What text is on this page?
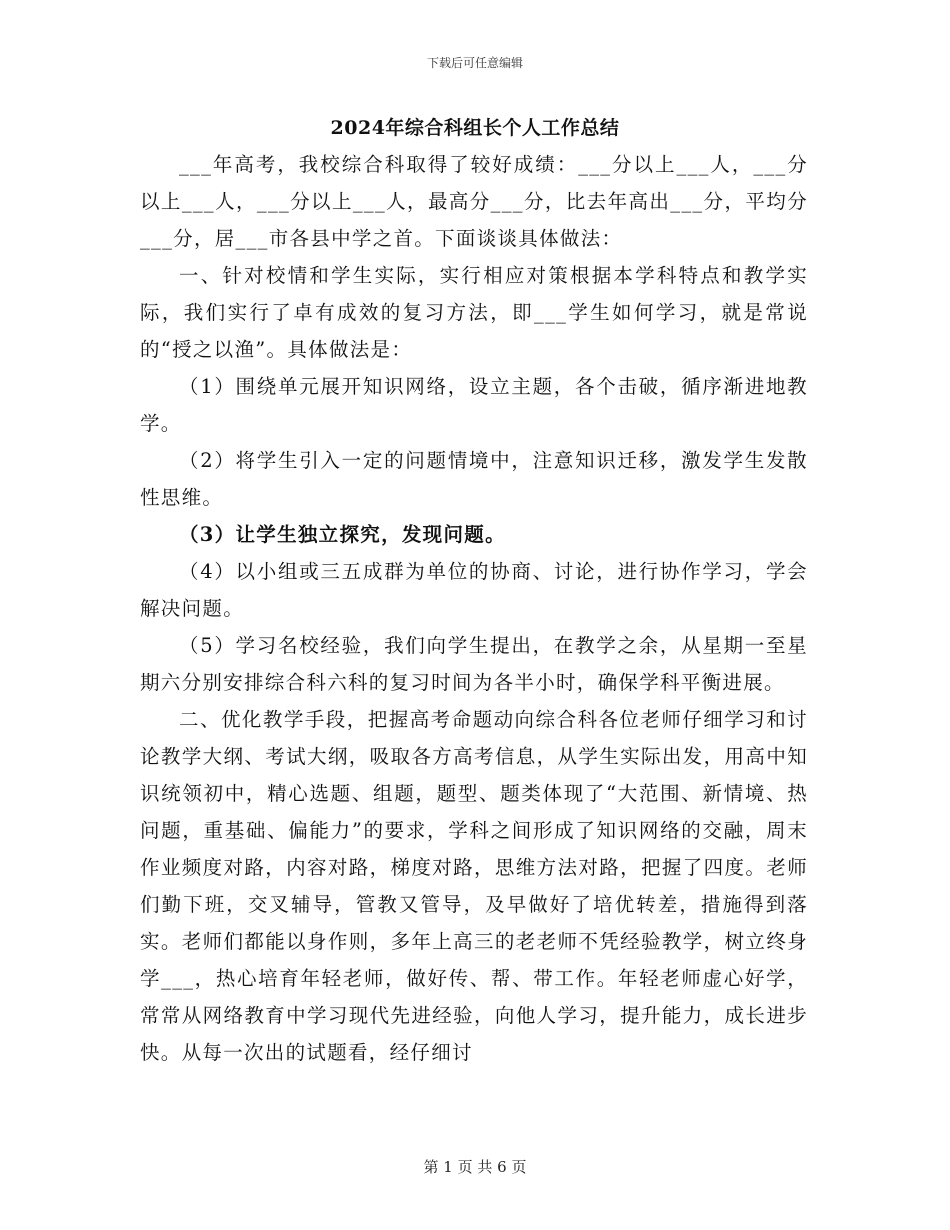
下载后可任意编辑
2024年综合科组长个人工作总结

___年高考，我校综合科取得了较好成绩：___分以上___人，___分以上___人，___分以上___人，最高分___分，比去年高出___分，平均分___分，居___市各县中学之首。下面谈谈具体做法：

一、针对校情和学生实际，实行相应对策根据本学科特点和教学实际，我们实行了卓有成效的复习方法，即___学生如何学习，就是常说的“授之以渔”。具体做法是：

（1）围绕单元展开知识网络，设立主题，各个击破，循序渐进地教学。

（2）将学生引入一定的问题情境中，注意知识迁移，激发学生发散性思维。

（3）让学生独立探究，发现问题。

（4）以小组或三五成群为单位的协商、讨论，进行协作学习，学会解决问题。

（5）学习名校经验，我们向学生提出，在教学之余，从星期一至星期六分别安排综合科六科的复习时间为各半小时，确保学科平衡进展。

二、优化教学手段，把握高考命题动向综合科各位老师仔细学习和讨论教学大纲、考试大纲，吸取各方高考信息，从学生实际出发，用高中知识统领初中，精心选题、组题，题型、题类体现了“大范围、新情境、热问题，重基础、偏能力”的要求，学科之间形成了知识网络的交融，周末作业频度对路，内容对路，梯度对路，思维方法对路，把握了四度。老师们勤下班，交叉辅导，管教又管导，及早做好了培优转差，措施得到落实。老师们都能以身作则，多年上高三的老老师不凭经验教学，树立终身学___，热心培育年轻老师，做好传、帮、带工作。年轻老师虚心好学，常常从网络教育中学习现代先进经验，向他人学习，提升能力，成长进步快。从每一次出的试题看，经仔细讨

第 1 页 共 6 页
